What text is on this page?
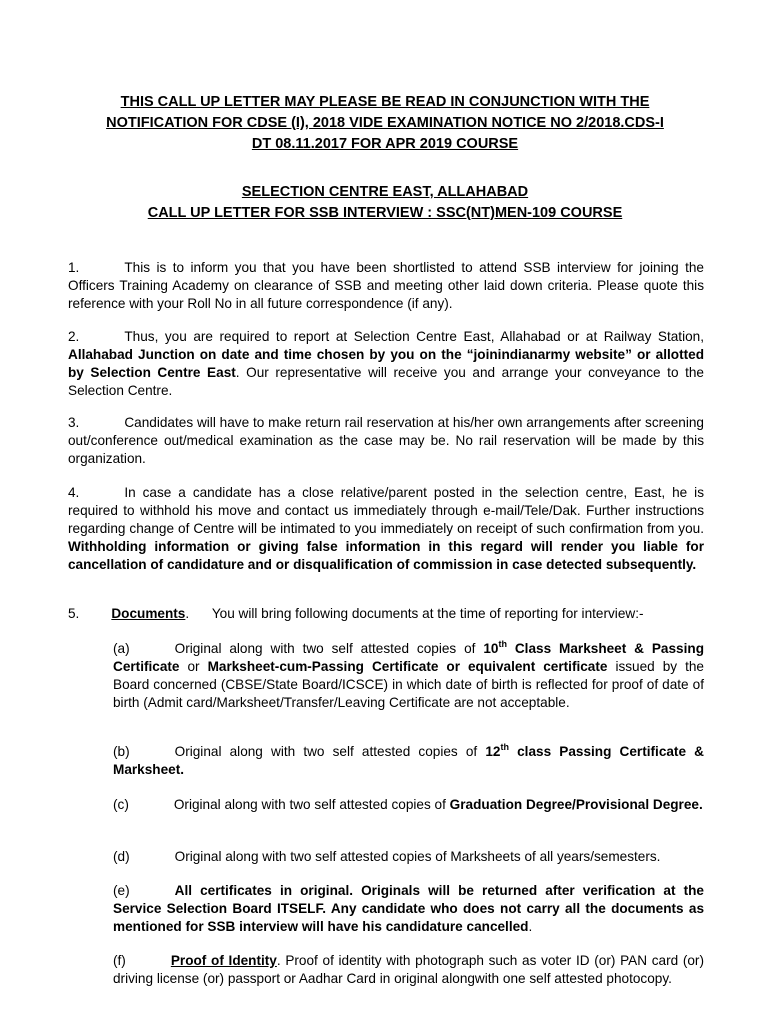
THIS CALL UP LETTER MAY PLEASE BE READ IN CONJUNCTION WITH THE
NOTIFICATION FOR CDSE (I), 2018 VIDE EXAMINATION NOTICE NO 2/2018.CDS-I
DT 08.11.2017 FOR APR 2019 COURSE
SELECTION CENTRE EAST, ALLAHABAD
CALL UP LETTER FOR SSB INTERVIEW : SSC(NT)MEN-109 COURSE
1.	This is to inform you that you have been shortlisted to attend SSB interview for joining the Officers Training Academy on clearance of SSB and meeting other laid down criteria. Please quote this reference with your Roll No in all future correspondence (if any).
2.	Thus, you are required to report at Selection Centre East, Allahabad or at Railway Station, Allahabad Junction on date and time chosen by you on the “joinindianarmy website” or allotted by Selection Centre East. Our representative will receive you and arrange your conveyance to the Selection Centre.
3.	Candidates will have to make return rail reservation at his/her own arrangements after screening out/conference out/medical examination as the case may be. No rail reservation will be made by this organization.
4.	In case a candidate has a close relative/parent posted in the selection centre, East, he is required to withhold his move and contact us immediately through e-mail/Tele/Dak. Further instructions regarding change of Centre will be intimated to you immediately on receipt of such confirmation from you. Withholding information or giving false information in this regard will render you liable for cancellation of candidature and or disqualification of commission in case detected subsequently.
5. Documents.      You will bring following documents at the time of reporting for interview:-
(a)	Original along with two self attested copies of 10th Class Marksheet & Passing Certificate or Marksheet-cum-Passing Certificate or equivalent certificate issued by the Board concerned (CBSE/State Board/ICSCE) in which date of birth is reflected for proof of date of birth (Admit card/Marksheet/Transfer/Leaving Certificate are not acceptable.
(b)	Original along with two self attested copies of 12th class Passing Certificate & Marksheet.
(c)	Original along with two self attested copies of Graduation Degree/Provisional Degree.
(d)	Original along with two self attested copies of Marksheets of all years/semesters.
(e)	All certificates in original. Originals will be returned after verification at the Service Selection Board ITSELF. Any candidate who does not carry all the documents as mentioned for SSB interview will have his candidature cancelled.
(f)	Proof of Identity. Proof of identity with photograph such as voter ID (or) PAN card (or) driving license (or) passport or Aadhar Card in original alongwith one self attested photocopy.
